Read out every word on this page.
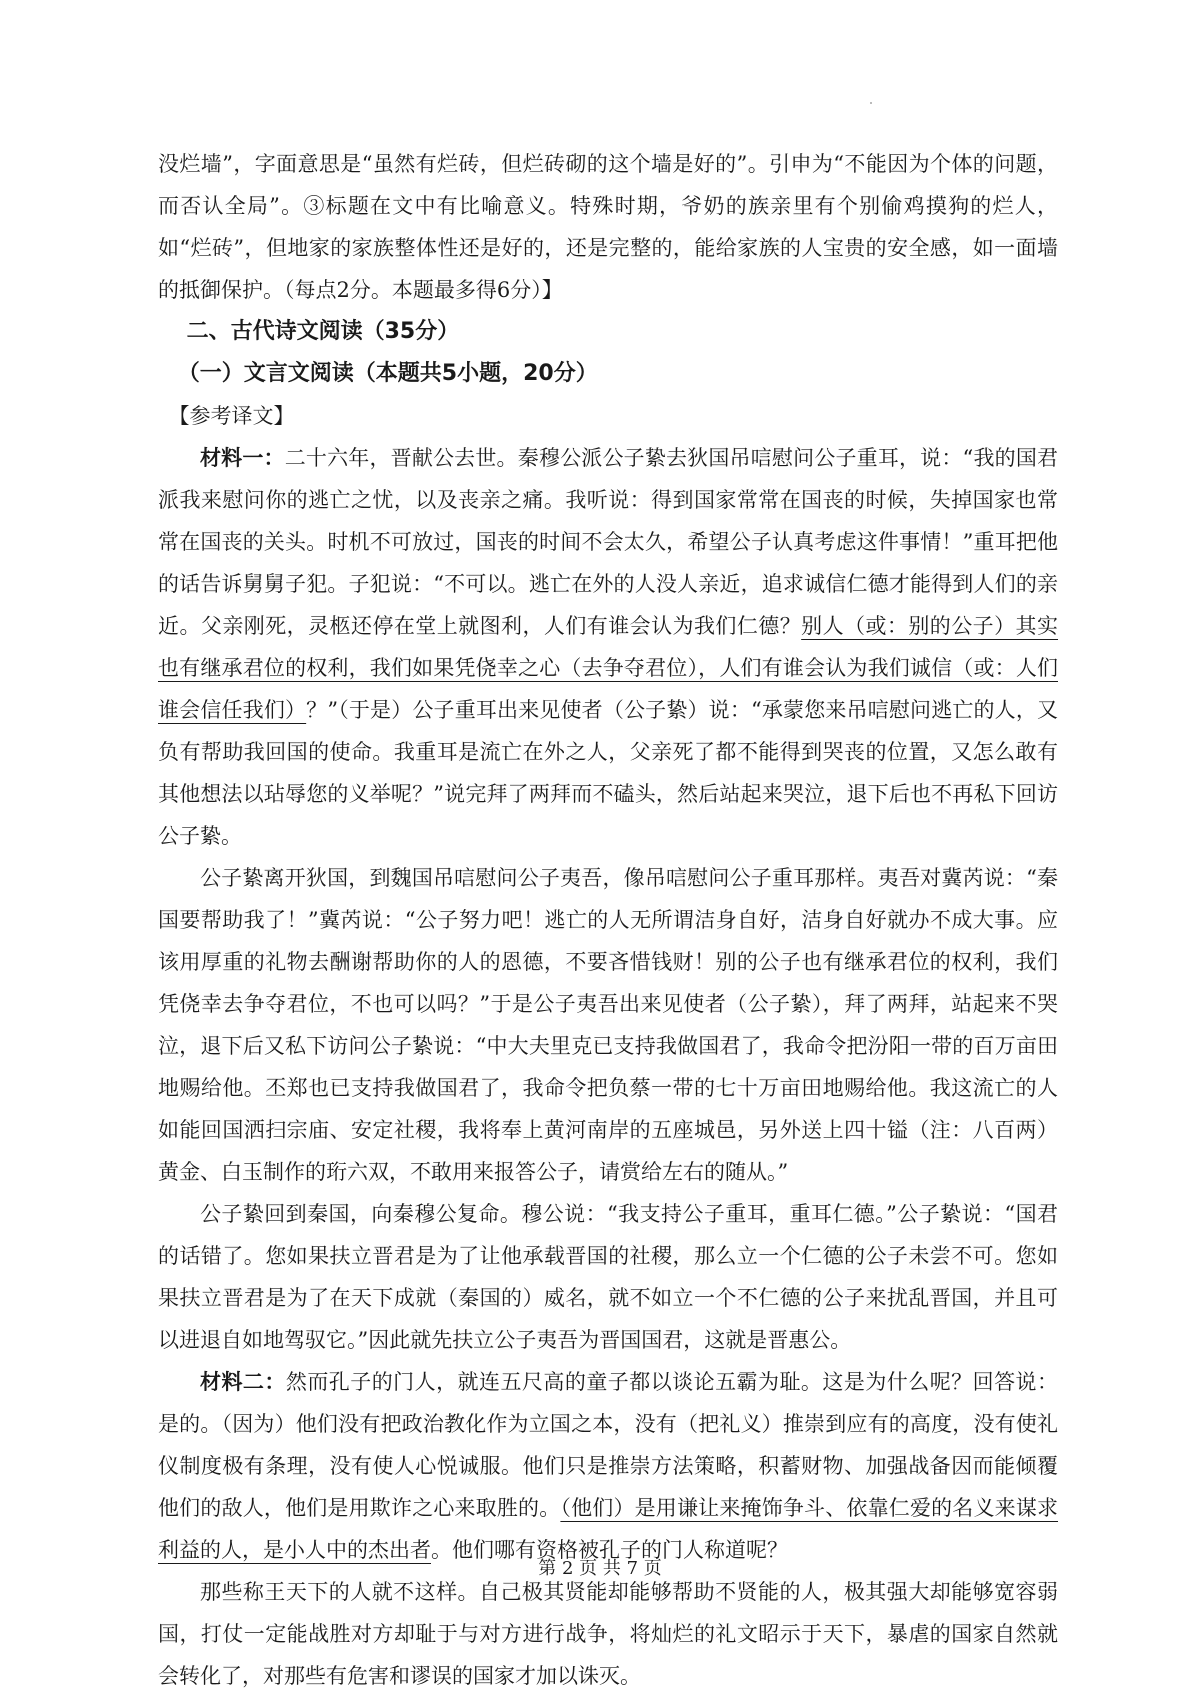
没烂墙”，字面意思是“虽然有烂砖，但烂砖砌的这个墙是好的”。引申为“不能因为个体的问题，而否认全局”。③标题在文中有比喻意义。特殊时期，爷奶的族亲里有个别偷鸡摸狗的烂人，如“烂砖”，但地家的家族整体性还是好的，还是完整的，能给家族的人宝贵的安全感，如一面墙的抵御保护。（每点2分。本题最多得6分）】

二、古代诗文阅读（35分）

（一）文言文阅读（本题共5小题，20分）

【参考译文】

材料一：二十六年，晋献公去世。秦穆公派公子絷去狄国吊唁慰问公子重耳，说：“我的国君派我来慰问你的逃亡之忧，以及丧亲之痛。我听说：得到国家常常在国丧的时候，失掉国家也常常在国丧的关头。时机不可放过，国丧的时间不会太久，希望公子认真考虑这件事情！”重耳把他的话告诉舅舅子犯。子犯说：“不可以。逃亡在外的人没人亲近，追求诚信仁德才能得到人们的亲近。父亲刚死，灵柩还停在堂上就图利，人们有谁会认为我们仁德？别人（或：别的公子）其实也有继承君位的权利，我们如果凭侥幸之心（去争夺君位），人们有谁会认为我们诚信（或：人们谁会信任我们）？”（于是）公子重耳出来见使者（公子絷）说：“承蒙您来吊唁慰问逃亡的人，又负有帮助我回国的使命。我重耳是流亡在外之人，父亲死了都不能得到哭丧的位置，又怎么敢有其他想法以玷辱您的义举呢？”说完拜了两拜而不磕头，然后站起来哭泣，退下后也不再私下回访公子絷。

公子絷离开狄国，到魏国吊唁慰问公子夷吾，像吊唁慰问公子重耳那样。夷吾对冀芮说：“秦国要帮助我了！”冀芮说：“公子努力吧！逃亡的人无所谓洁身自好，洁身自好就办不成大事。应该用厚重的礼物去酬谢帮助你的人的恩德，不要吝惜钱财！别的公子也有继承君位的权利，我们凭侥幸去争夺君位，不也可以吗？”于是公子夷吾出来见使者（公子絷），拜了两拜，站起来不哭泣，退下后又私下访问公子絷说：“中大夫里克已支持我做国君了，我命令把汾阳一带的百万亩田地赐给他。丕郑也已支持我做国君了，我命令把负蔡一带的七十万亩田地赐给他。我这流亡的人如能回国洒扫宗庙、安定社稷，我将奉上黄河南岸的五座城邑，另外送上四十镒（注：八百两）黄金、白玉制作的珩六双，不敢用来报答公子，请赏给左右的随从。”

公子絷回到秦国，向秦穆公复命。穆公说：“我支持公子重耳，重耳仁德。”公子絷说：“国君的话错了。您如果扶立晋君是为了让他承载晋国的社稷，那么立一个仁德的公子未尝不可。您如果扶立晋君是为了在天下成就（秦国的）威名，就不如立一个不仁德的公子来扰乱晋国，并且可以进退自如地驾驭它。”因此就先扶立公子夷吾为晋国国君，这就是晋惠公。

材料二：然而孔子的门人，就连五尺高的童子都以谈论五霸为耻。这是为什么呢？回答说：是的。（因为）他们没有把政治教化作为立国之本，没有（把礼义）推崇到应有的高度，没有使礼仪制度极有条理，没有使人心悦诚服。他们只是推崇方法策略，积蓄财物、加强战备因而能倾覆他们的敌人，他们是用欺诈之心来取胜的。（他们）是用谦让来掩饰争斗、依靠仁爱的名义来谋求利益的人，是小人中的杰出者。他们哪有资格被孔子的门人称道呢？

那些称王天下的人就不这样。自己极其贤能却能够帮助不贤能的人，极其强大却能够宽容弱国，打仗一定能战胜对方却耻于与对方进行战争，将灿烂的礼文昭示于天下，暴虐的国家自然就会转化了，对那些有危害和谬误的国家才加以诛灭。

第 2 页 共 7 页
